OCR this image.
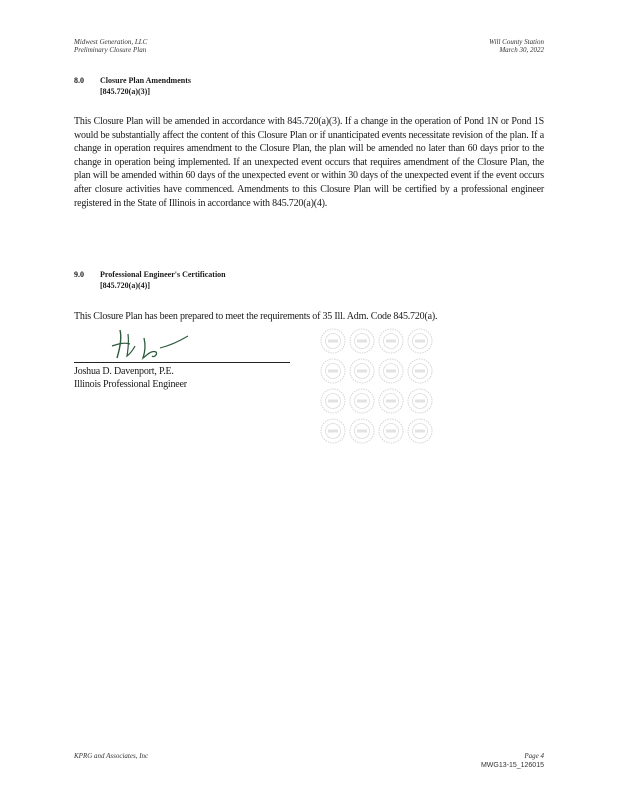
Midwest Generation, LLC
Preliminary Closure Plan
Will County Station
March 30, 2022
8.0 Closure Plan Amendments
[845.720(a)(3)]
This Closure Plan will be amended in accordance with 845.720(a)(3). If a change in the operation of Pond 1N or Pond 1S would be substantially affect the content of this Closure Plan or if unanticipated events necessitate revision of the plan. If a change in operation requires amendment to the Closure Plan, the plan will be amended no later than 60 days prior to the change in operation being implemented. If an unexpected event occurs that requires amendment of the Closure Plan, the plan will be amended within 60 days of the unexpected event or within 30 days of the unexpected event if the event occurs after closure activities have commenced. Amendments to this Closure Plan will be certified by a professional engineer registered in the State of Illinois in accordance with 845.720(a)(4).
9.0 Professional Engineer's Certification
[845.720(a)(4)]
This Closure Plan has been prepared to meet the requirements of 35 Ill. Adm. Code 845.720(a).
Joshua D. Davenport, P.E.
Illinois Professional Engineer
KPRG and Associates, Inc	Page 4
MWG13-15_126015
